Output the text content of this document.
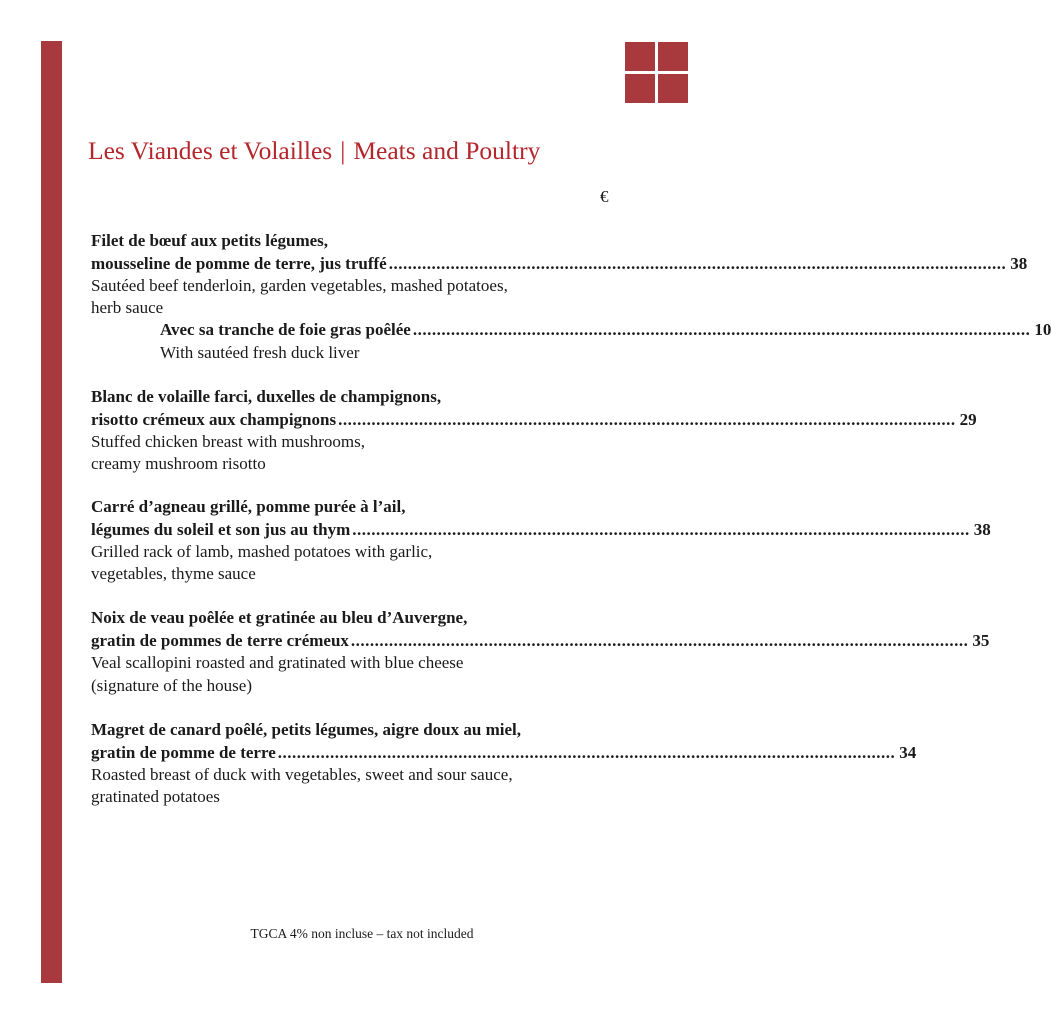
Les Viandes et Volailles | Meats and Poultry
€
Filet de bœuf aux petits légumes,
mousseline de pomme de terre, jus truffé .................................................................................................................................. 38
Sautéed beef tenderloin, garden vegetables, mashed potatoes,
herb sauce
Avec sa tranche de foie gras poêlée .................................................................................................................................. 10
With sautéed fresh duck liver
Blanc de volaille farci, duxelles de champignons,
risotto crémeux aux champignons .................................................................................................................................. 29
Stuffed chicken breast with mushrooms,
creamy mushroom risotto
Carré d’agneau grillé, pomme purée à l’ail,
légumes du soleil et son jus au thym .................................................................................................................................. 38
Grilled rack of lamb, mashed potatoes with garlic,
vegetables, thyme sauce
Noix de veau poêlée et gratinée au bleu d’Auvergne,
gratin de pommes de terre crémeux .................................................................................................................................. 35
Veal scallopini roasted and gratinated with blue cheese
(signature of the house)
Magret de canard poêlé, petits légumes, aigre doux au miel,
gratin de pomme de terre .................................................................................................................................. 34
Roasted breast of duck with vegetables, sweet and sour sauce,
gratinated potatoes
TGCA 4% non incluse – tax not included
